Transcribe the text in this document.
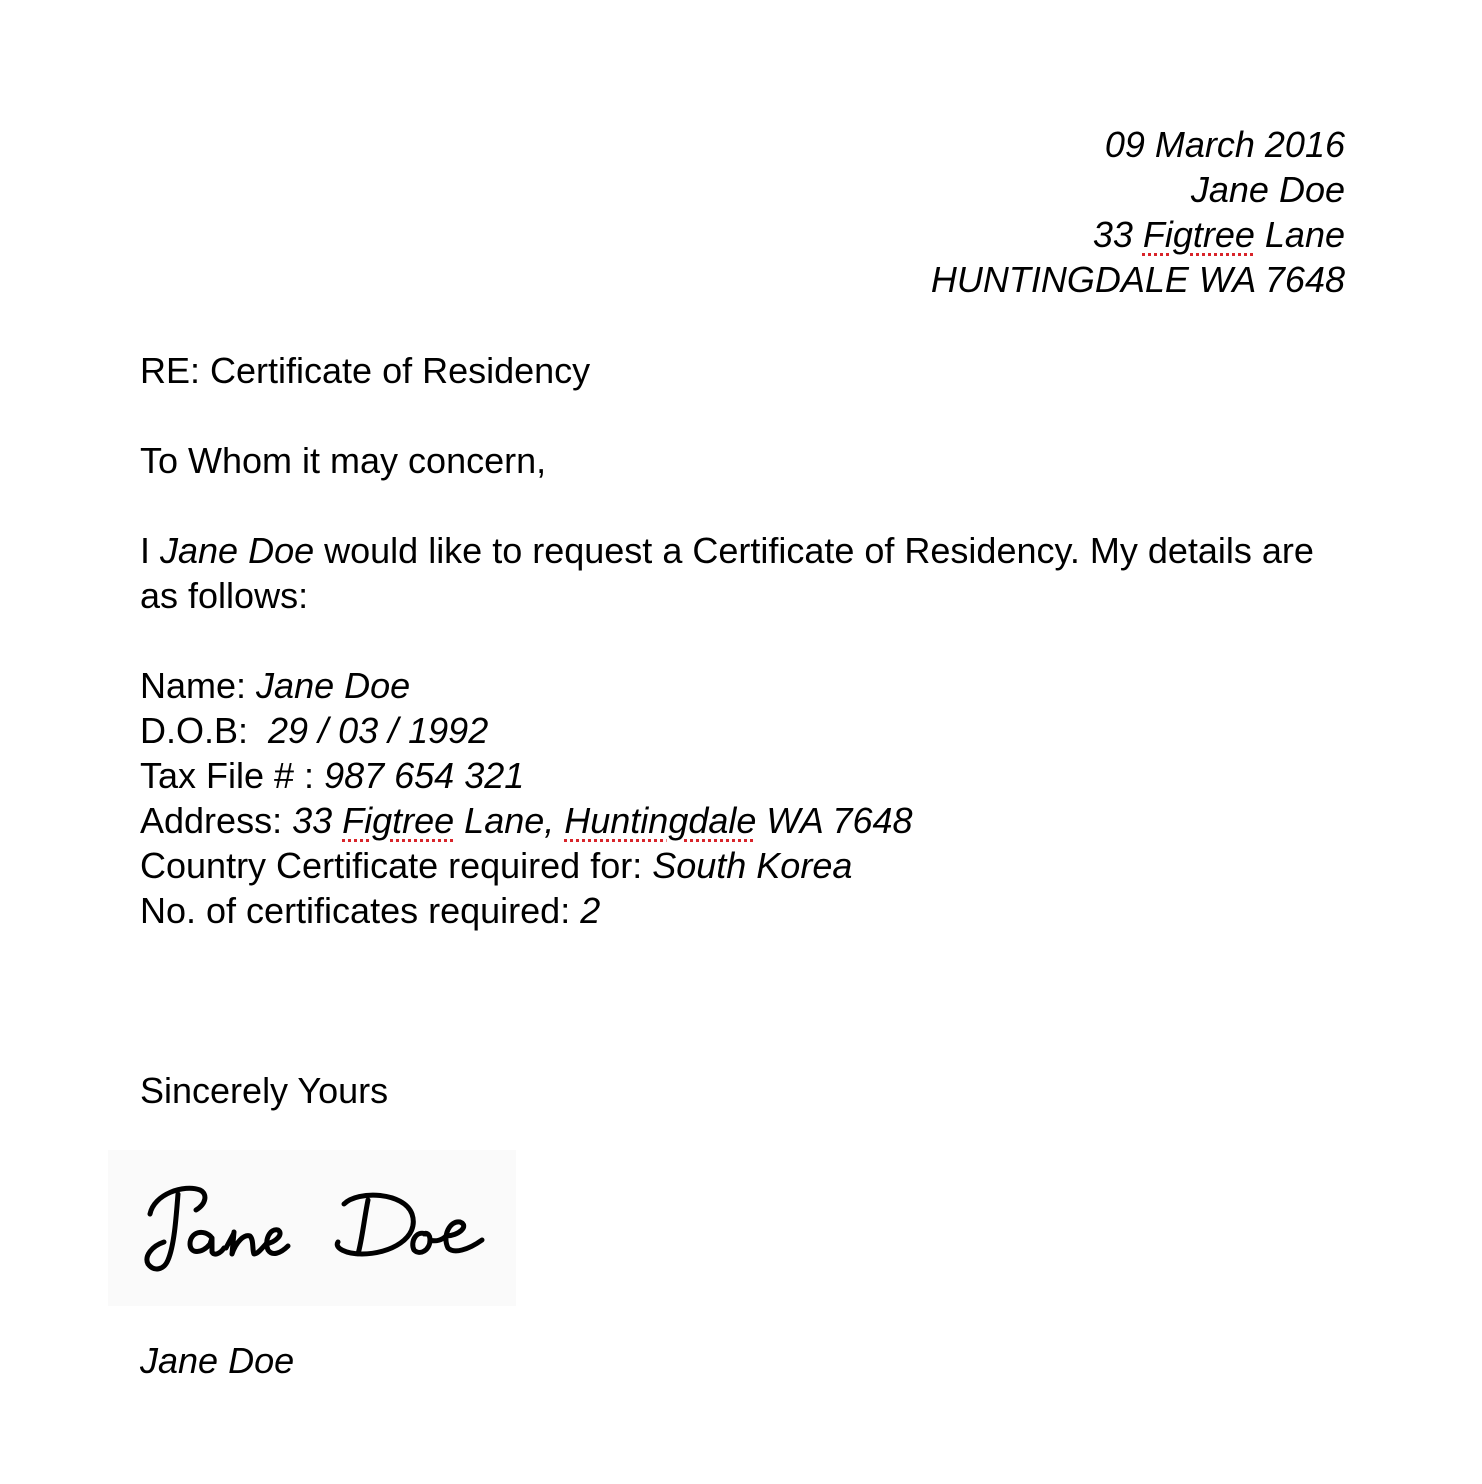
09 March 2016
Jane Doe
33 Figtree Lane
HUNTINGDALE WA 7648
RE: Certificate of Residency
To Whom it may concern,
I Jane Doe would like to request a Certificate of Residency. My details are as follows:
Name: Jane Doe
D.O.B:  29 / 03 / 1992
Tax File # : 987 654 321
Address: 33 Figtree Lane, Huntingdale WA 7648
Country Certificate required for: South Korea
No. of certificates required: 2
Sincerely Yours
Jane Doe
